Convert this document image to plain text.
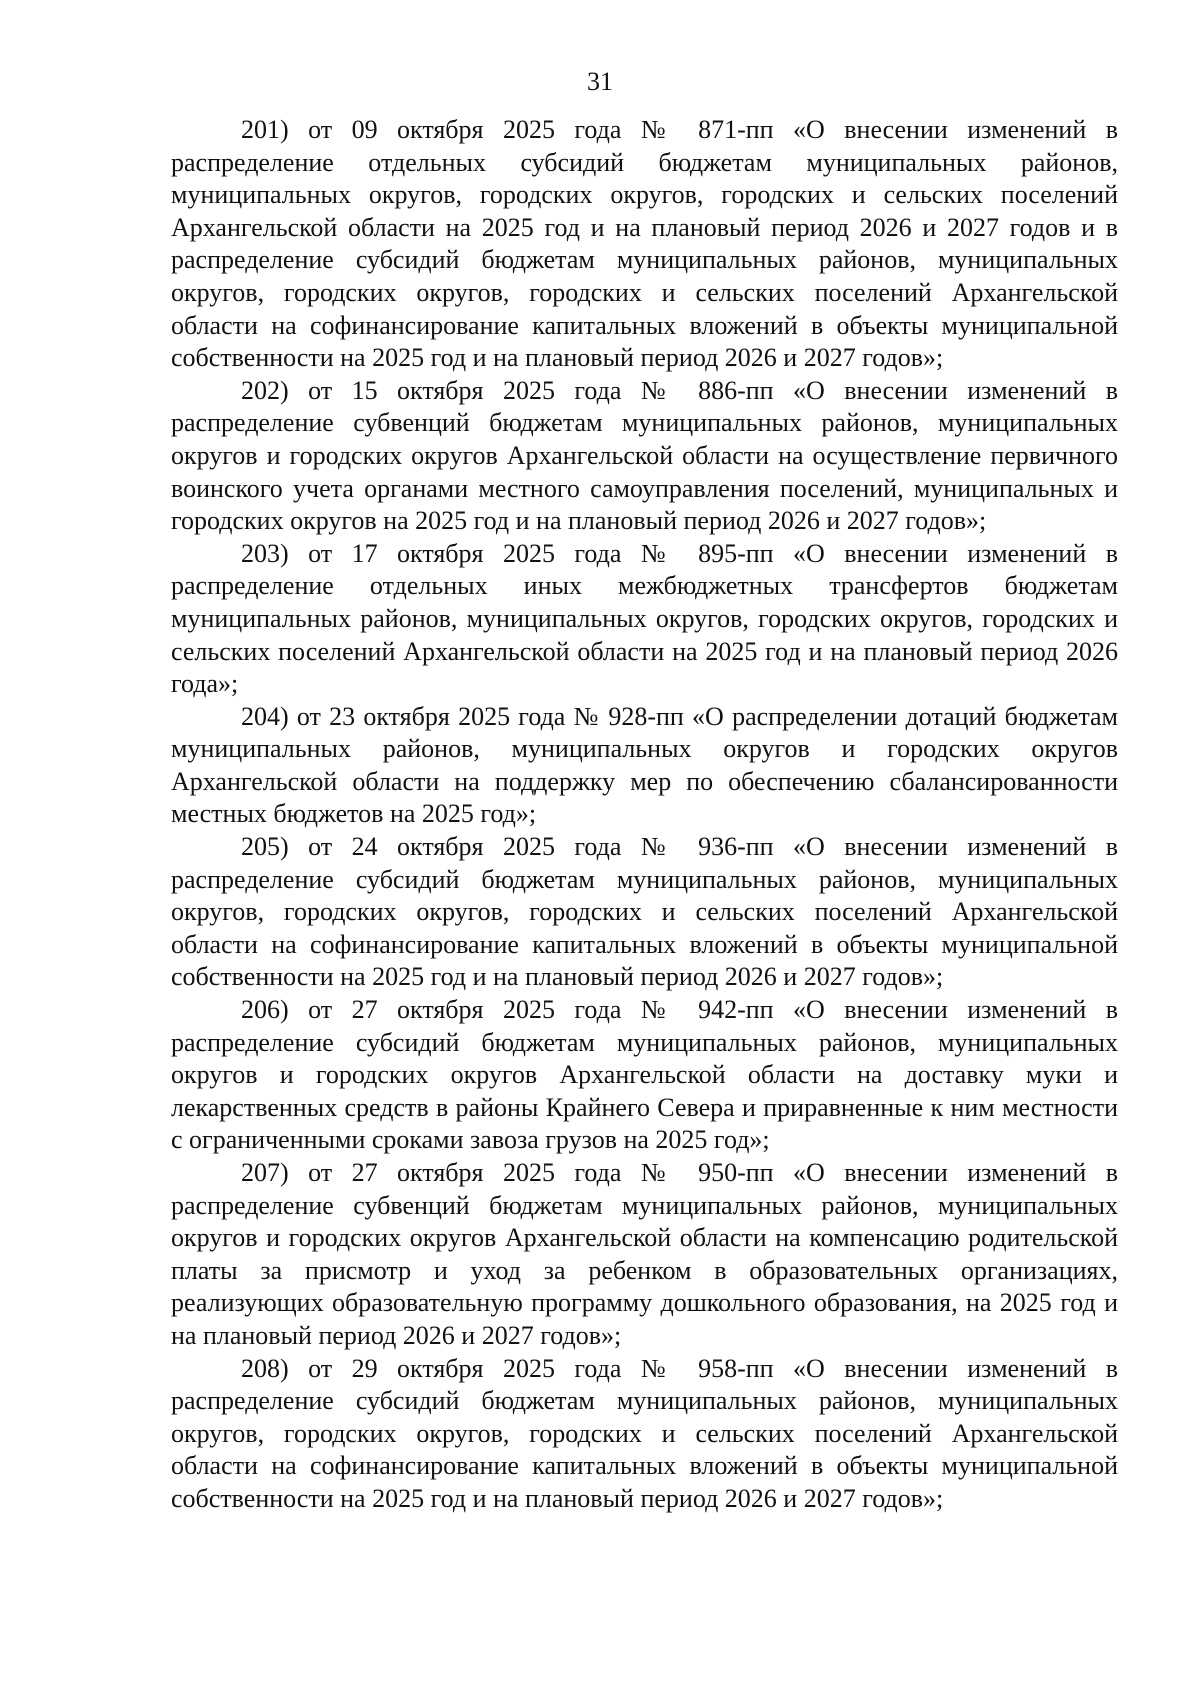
31

201) от 09 октября 2025 года № 871-пп «О внесении изменений в распределение отдельных субсидий бюджетам муниципальных районов, муниципальных округов, городских округов, городских и сельских поселений Архангельской области на 2025 год и на плановый период 2026 и 2027 годов и в распределение субсидий бюджетам муниципальных районов, муниципальных округов, городских округов, городских и сельских поселений Архангельской области на софинансирование капитальных вложений в объекты муниципальной собственности на 2025 год и на плановый период 2026 и 2027 годов»;

202) от 15 октября 2025 года № 886-пп «О внесении изменений в распределение субвенций бюджетам муниципальных районов, муниципальных округов и городских округов Архангельской области на осуществление первичного воинского учета органами местного самоуправления поселений, муниципальных и городских округов на 2025 год и на плановый период 2026 и 2027 годов»;

203) от 17 октября 2025 года № 895-пп «О внесении изменений в распределение отдельных иных межбюджетных трансфертов бюджетам муниципальных районов, муниципальных округов, городских округов, городских и сельских поселений Архангельской области на 2025 год и на плановый период 2026 года»;

204) от 23 октября 2025 года № 928-пп «О распределении дотаций бюджетам муниципальных районов, муниципальных округов и городских округов Архангельской области на поддержку мер по обеспечению сбалансированности местных бюджетов на 2025 год»;

205) от 24 октября 2025 года № 936-пп «О внесении изменений в распределение субсидий бюджетам муниципальных районов, муниципальных округов, городских округов, городских и сельских поселений Архангельской области на софинансирование капитальных вложений в объекты муниципальной собственности на 2025 год и на плановый период 2026 и 2027 годов»;

206) от 27 октября 2025 года № 942-пп «О внесении изменений в распределение субсидий бюджетам муниципальных районов, муниципальных округов и городских округов Архангельской области на доставку муки и лекарственных средств в районы Крайнего Севера и приравненные к ним местности с ограниченными сроками завоза грузов на 2025 год»;

207) от 27 октября 2025 года № 950-пп «О внесении изменений в распределение субвенций бюджетам муниципальных районов, муниципальных округов и городских округов Архангельской области на компенсацию родительской платы за присмотр и уход за ребенком в образовательных организациях, реализующих образовательную программу дошкольного образования, на 2025 год и на плановый период 2026 и 2027 годов»;

208) от 29 октября 2025 года № 958-пп «О внесении изменений в распределение субсидий бюджетам муниципальных районов, муниципальных округов, городских округов, городских и сельских поселений Архангельской области на софинансирование капитальных вложений в объекты муниципальной собственности на 2025 год и на плановый период 2026 и 2027 годов»;
